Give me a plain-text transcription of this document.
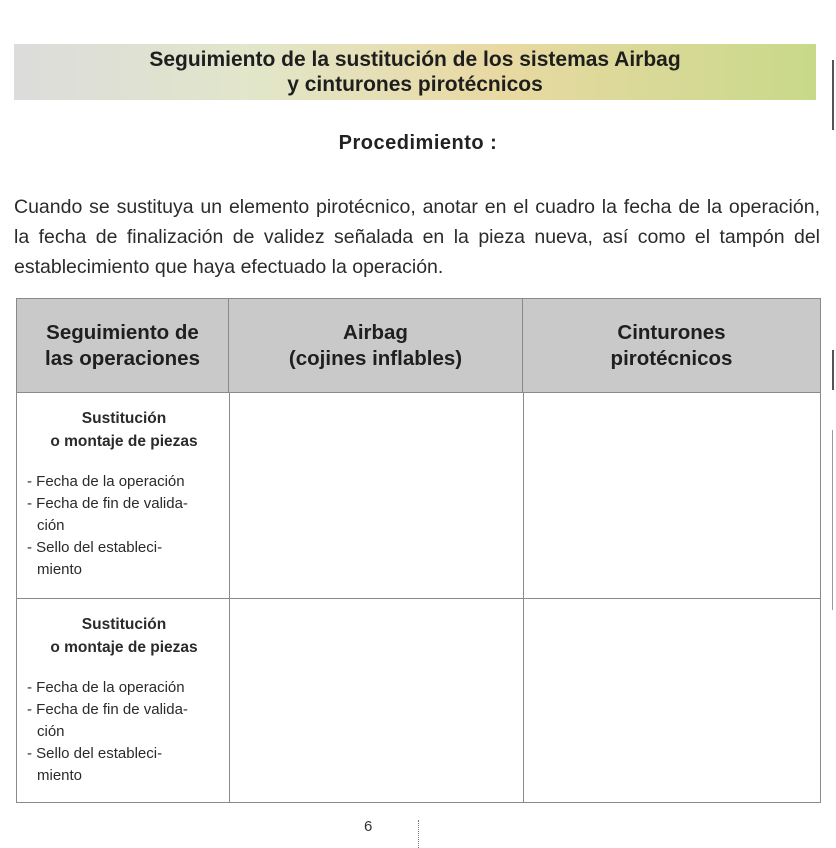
Seguimiento de la sustitución de los sistemas Airbag
y cinturones pirotécnicos
Procedimiento :
Cuando se sustituya un elemento pirotécnico, anotar en el cuadro la fecha de la operación, la fecha de finalización de validez señalada en la pieza nueva, así como el tampón del establecimiento que haya efectuado la operación.
Seguimiento de
las operaciones
Airbag
(cojines inflables)
Cinturones
pirotécnicos
Sustitución
o montaje de piezas
- Fecha de la operación
- Fecha de fin de valida-
ción
- Sello del estableci-
miento
Sustitución
o montaje de piezas
- Fecha de la operación
- Fecha de fin de valida-
ción
- Sello del estableci-
miento
6
